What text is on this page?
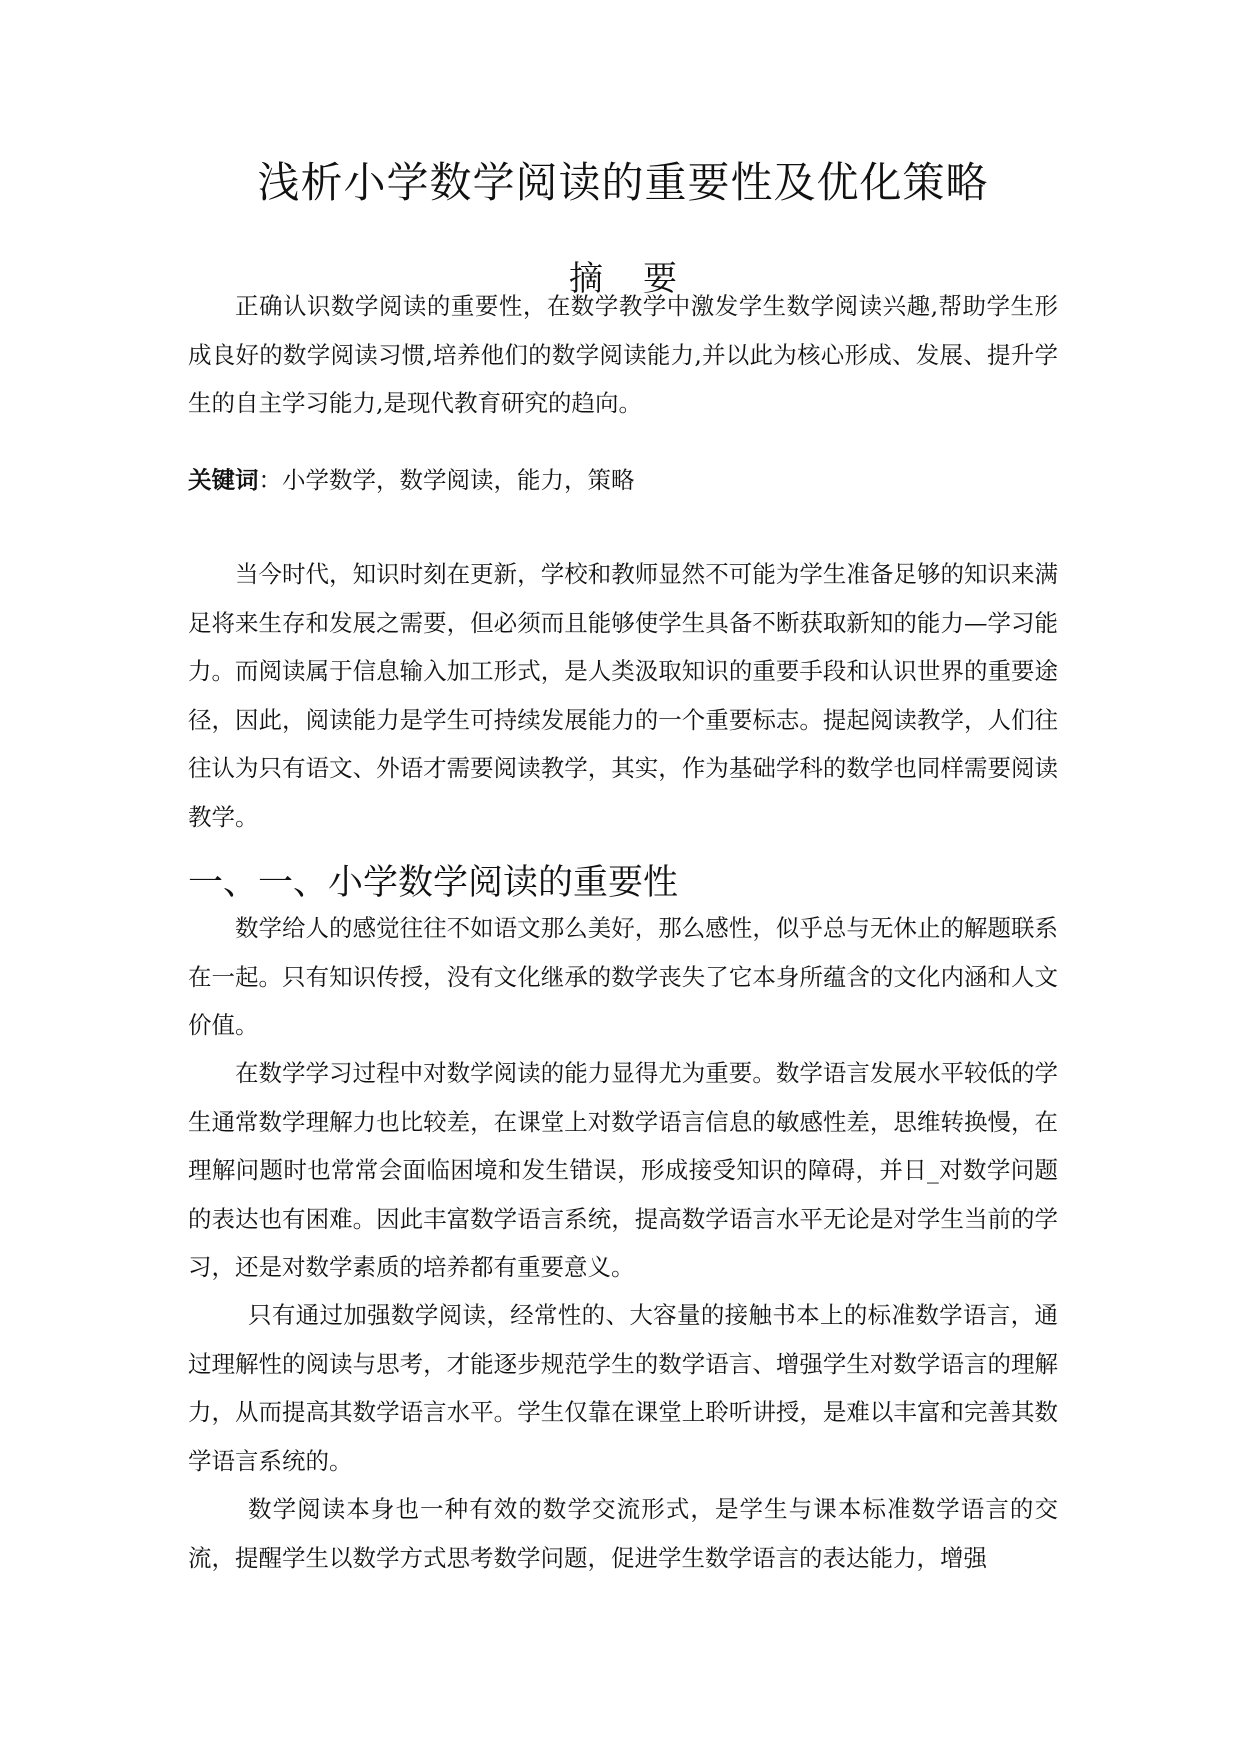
浅析小学数学阅读的重要性及优化策略
摘要

正确认识数学阅读的重要性，在数学教学中激发学生数学阅读兴趣,帮助学生形成良好的数学阅读习惯,培养他们的数学阅读能力,并以此为核心形成、发展、提升学生的自主学习能力,是现代教育研究的趋向。

关键词：小学数学，数学阅读，能力，策略

当今时代，知识时刻在更新，学校和教师显然不可能为学生准备足够的知识来满足将来生存和发展之需要，但必须而且能够使学生具备不断获取新知的能力—学习能力。而阅读属于信息输入加工形式，是人类汲取知识的重要手段和认识世界的重要途径，因此，阅读能力是学生可持续发展能力的一个重要标志。提起阅读教学，人们往往认为只有语文、外语才需要阅读教学，其实，作为基础学科的数学也同样需要阅读教学。

一、一、小学数学阅读的重要性

数学给人的感觉往往不如语文那么美好，那么感性，似乎总与无休止的解题联系在一起。只有知识传授，没有文化继承的数学丧失了它本身所蕴含的文化内涵和人文价值。

在数学学习过程中对数学阅读的能力显得尤为重要。数学语言发展水平较低的学生通常数学理解力也比较差，在课堂上对数学语言信息的敏感性差，思维转换慢，在理解问题时也常常会面临困境和发生错误，形成接受知识的障碍，并日_对数学问题的表达也有困难。因此丰富数学语言系统，提高数学语言水平无论是对学生当前的学习，还是对数学素质的培养都有重要意义。

只有通过加强数学阅读，经常性的、大容量的接触书本上的标准数学语言，通过理解性的阅读与思考，才能逐步规范学生的数学语言、增强学生对数学语言的理解力，从而提高其数学语言水平。学生仅靠在课堂上聆听讲授，是难以丰富和完善其数学语言系统的。

数学阅读本身也一种有效的数学交流形式，是学生与课本标准数学语言的交流，提醒学生以数学方式思考数学问题，促进学生数学语言的表达能力，增强
